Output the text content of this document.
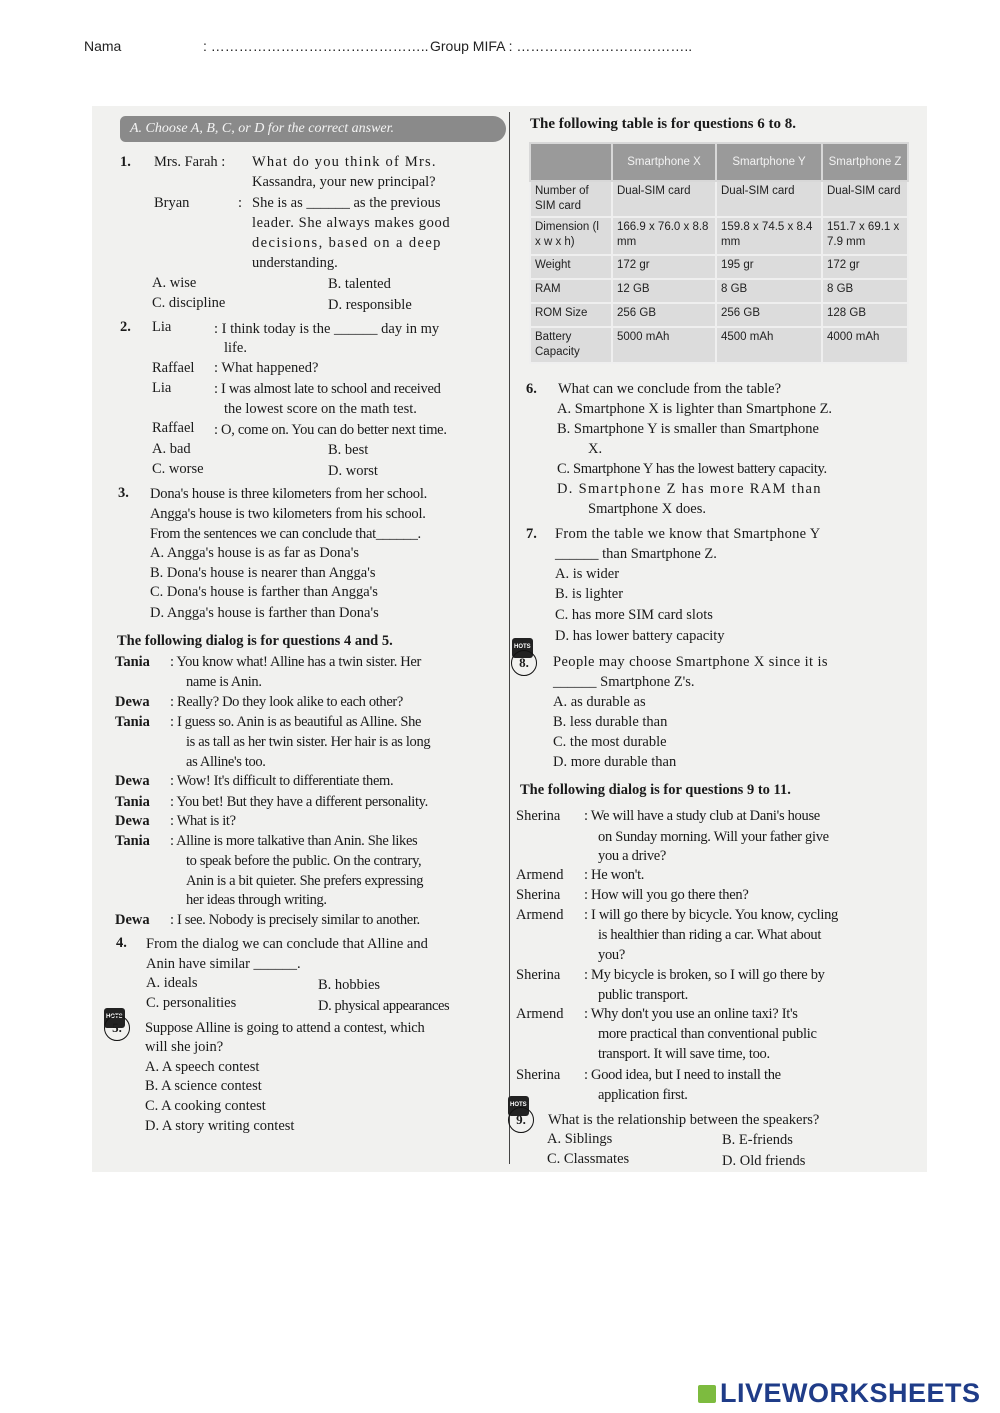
Nama	: ……………………………………….. Group MIFA : ………………………………..
A. Choose A, B, C, or D for the correct answer.
1. Mrs. Farah : What do you think of Mrs.
Kassandra, your new principal?
Bryan	: She is as ______ as the previous
leader. She always makes good
decisions, based on a deep
understanding.
A. wise	B. talented
C. discipline	D. responsible
2. Lia	: I think today is the ______ day in my
life.
Raffael : What happened?
Lia	: I was almost late to school and received
the lowest score on the math test.
Raffael : O, come on. You can do better next time.
A. bad	B. best
C. worse	D. worst
3. Dona's house is three kilometers from her school.
Angga's house is two kilometers from his school.
From the sentences we can conclude that______.
A. Angga's house is as far as Dona's
B. Dona's house is nearer than Angga's
C. Dona's house is farther than Angga's
D. Angga's house is farther than Dona's
The following dialog is for questions 4 and 5.
Tania : You know what! Alline has a twin sister. Her
name is Anin.
Dewa : Really? Do they look alike to each other?
Tania : I guess so. Anin is as beautiful as Alline. She
is as tall as her twin sister. Her hair is as long
as Alline's too.
Dewa : Wow! It's difficult to differentiate them.
Tania : You bet! But they have a different personality.
Dewa : What is it?
Tania : Alline is more talkative than Anin. She likes
to speak before the public. On the contrary,
Anin is a bit quieter. She prefers expressing
her ideas through writing.
Dewa : I see. Nobody is precisely similar to another.
4. From the dialog we can conclude that Alline and
Anin have similar ______.
A. ideals	B. hobbies
C. personalities	D. physical appearances
HOTS
5.	Suppose Alline is going to attend a contest, which
will she join?
A. A speech contest
B. A science contest
C. A cooking contest
D. A story writing contest
The following table is for questions 6 to 8.
	Smartphone X	Smartphone Y	Smartphone Z
Number of SIM card	Dual-SIM card	Dual-SIM card	Dual-SIM card
Dimension (l x w x h)	166.9 x 76.0 x 8.8 mm	159.8 x 74.5 x 8.4 mm	151.7 x 69.1 x 7.9 mm
Weight	172 gr	195 gr	172 gr
RAM	12 GB	8 GB	8 GB
ROM Size	256 GB	256 GB	128 GB
Battery Capacity	5000 mAh	4500 mAh	4000 mAh
6. What can we conclude from the table?
A. Smartphone X is lighter than Smartphone Z.
B. Smartphone Y is smaller than Smartphone
X.
C. Smartphone Y has the lowest battery capacity.
D. Smartphone Z has more RAM than
Smartphone X does.
7. From the table we know that Smartphone Y
______ than Smartphone Z.
A. is wider
B. is lighter
C. has more SIM card slots
D. has lower battery capacity
HOTS
8.	People may choose Smartphone X since it is
______ Smartphone Z's.
A. as durable as
B. less durable than
C. the most durable
D. more durable than
The following dialog is for questions 9 to 11.
Sherina : We will have a study club at Dani's house
on Sunday morning. Will your father give
you a drive?
Armend : He won't.
Sherina : How will you go there then?
Armend : I will go there by bicycle. You know, cycling
is healthier than riding a car. What about
you?
Sherina : My bicycle is broken, so I will go there by
public transport.
Armend : Why don't you use an online taxi? It's
more practical than conventional public
transport. It will save time, too.
Sherina : Good idea, but I need to install the
application first.
HOTS
9.	What is the relationship between the speakers?
A. Siblings	B. E-friends
C. Classmates	D. Old friends
LIVEWORKSHEETS
